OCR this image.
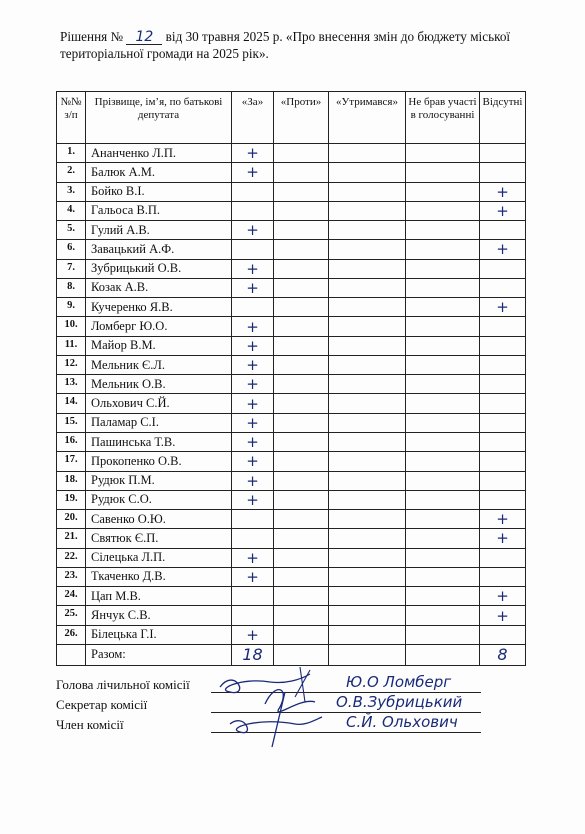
Рішення № 12 від 30 травня 2025 р. «Про внесення змін до бюджету міської територіальної громади на 2025 рік».
№№ з/п	Прізвище, ім’я, по батькові депутата	«За»	«Проти»	«Утримався»	Не брав участі в голосуванні	Відсутні
1.	Ананченко Л.П.	+				
2.	Балюк А.М.	+				
3.	Бойко В.І.					+
4.	Гальоса В.П.					+
5.	Гулий А.В.	+				
6.	Завацький А.Ф.					+
7.	Зубрицький О.В.	+				
8.	Козак А.В.	+				
9.	Кучеренко Я.В.					+
10.	Ломберг Ю.О.	+				
11.	Майор В.М.	+				
12.	Мельник Є.Л.	+				
13.	Мельник О.В.	+				
14.	Ольхович С.Й.	+				
15.	Паламар С.І.	+				
16.	Пашинська Т.В.	+				
17.	Прокопенко О.В.	+				
18.	Рудюк П.М.	+				
19.	Рудюк С.О.	+				
20.	Савенко О.Ю.					+
21.	Святюк Є.П.					+
22.	Сілецька Л.П.	+				
23.	Ткаченко Д.В.	+				
24.	Цап М.В.					+
25.	Янчук С.В.					+
26.	Білецька Г.І.	+				
	Разом:	18				8
Голова лічильної комісії
Секретар комісії
Член комісії
Ю.О Ломберг
О.В.Зубрицький
С.Й. Ольхович
